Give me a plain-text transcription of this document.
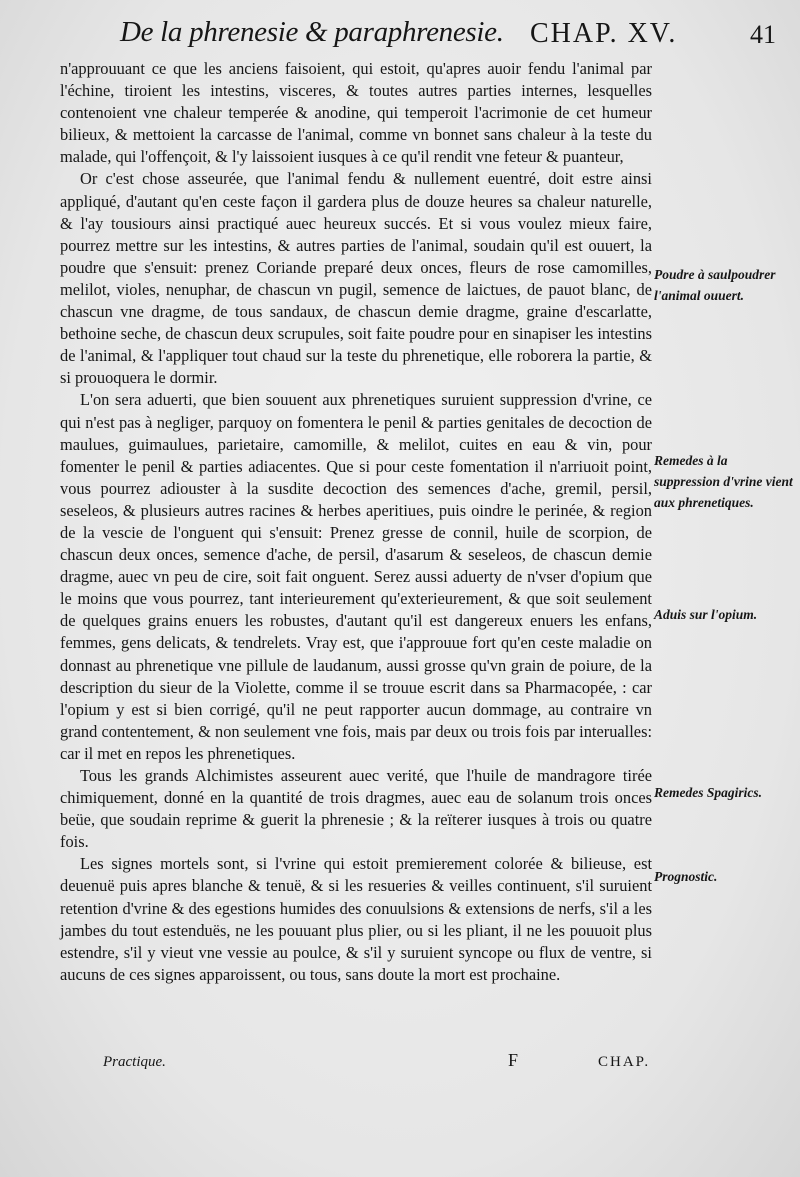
De la phrenesie & paraphrenesie. CHAP. XV.	41

n'approuuant ce que les anciens faisoient, qui estoit, qu'apres auoir fendu l'animal par l'échine, tiroient les intestins, visceres, & toutes autres parties internes, lesquelles contenoient vne chaleur temperée & anodine, qui temperoit l'acrimonie de cet humeur bilieux, & mettoient la carcasse de l'animal, comme vn bonnet sans chaleur à la teste du malade, qui l'offençoit, & l'y laissoient iusques à ce qu'il rendit vne feteur & puanteur,

Or c'est chose asseurée, que l'animal fendu & nullement euentré, doit estre ainsi appliqué, d'autant qu'en ceste façon il gardera plus de douze heures sa chaleur naturelle, & l'ay tousiours ainsi practiqué auec heureux succés. Et si vous voulez mieux faire, pourrez mettre sur les intestins, & autres parties de l'animal, soudain qu'il est ouuert, la poudre que s'ensuit: prenez Coriande preparé deux onces, fleurs de rose camomilles, melilot, violes, nenuphar, de chascun vn pugil, semence de laictues, de pauot blanc, de chascun vne dragme, de tous sandaux, de chascun demie dragme, graine d'escarlatte, bethoine seche, de chascun deux scrupules, soit faite poudre pour en sinapiser les intestins de l'animal, & l'appliquer tout chaud sur la teste du phrenetique, elle roborera la partie, & si prouoquera le dormir.

L'on sera aduerti, que bien souuent aux phrenetiques suruient suppression d'vrine, ce qui n'est pas à negliger, parquoy on fomentera le penil & parties genitales de decoction de maulues, guimaulues, parietaire, camomille, & melilot, cuites en eau & vin, pour fomenter le penil & parties adiacentes. Que si pour ceste fomentation il n'arriuoit point, vous pourrez adiouster à la susdite decoction des semences d'ache, gremil, persil, seseleos, & plusieurs autres racines & herbes aperitiues, puis oindre le perinée, & region de la vescie de l'onguent qui s'ensuit: Prenez gresse de connil, huile de scorpion, de chascun deux onces, semence d'ache, de persil, d'asarum & seseleos, de chascun demie dragme, auec vn peu de cire, soit fait onguent. Serez aussi aduerty de n'vser d'opium que le moins que vous pourrez, tant interieurement qu'exterieurement, & que soit seulement de quelques grains enuers les robustes, d'autant qu'il est dangereux enuers les enfans, femmes, gens delicats, & tendrelets. Vray est, que i'approuue fort qu'en ceste maladie on donnast au phrenetique vne pillule de laudanum, aussi grosse qu'vn grain de poiure, de la description du sieur de la Violette, comme il se trouue escrit dans sa Pharmacopée, : car l'opium y est si bien corrigé, qu'il ne peut rapporter aucun dommage, au contraire vn grand contentement, & non seulement vne fois, mais par deux ou trois fois par interualles: car il met en repos les phrenetiques.

Tous les grands Alchimistes asseurent auec verité, que l'huile de mandragore tirée chimiquement, donné en la quantité de trois dragmes, auec eau de solanum trois onces beüe, que soudain reprime & guerit la phrenesie ; & la reïterer iusques à trois ou quatre fois.

Les signes mortels sont, si l'vrine qui estoit premierement colorée & bilieuse, est deuenuë puis apres blanche & tenuë, & si les resueries & veilles continuent, s'il suruient retention d'vrine & des egestions humides des conuulsions & extensions de nerfs, s'il a les jambes du tout estenduës, ne les pouuant plus plier, ou si les pliant, il ne les pouuoit plus estendre, s'il y vieut vne vessie au poulce, & s'il y suruient syncope ou flux de ventre, si aucuns de ces signes apparoissent, ou tous, sans doute la mort est prochaine.

Poudre à saulpoudrer l'animal ouuert.
Remedes à la suppression d'vrine vient aux phrenetiques.
Aduis sur l'opium.
Remedes Spagirics.
Prognostic.
Practique.	F	CHAP.
